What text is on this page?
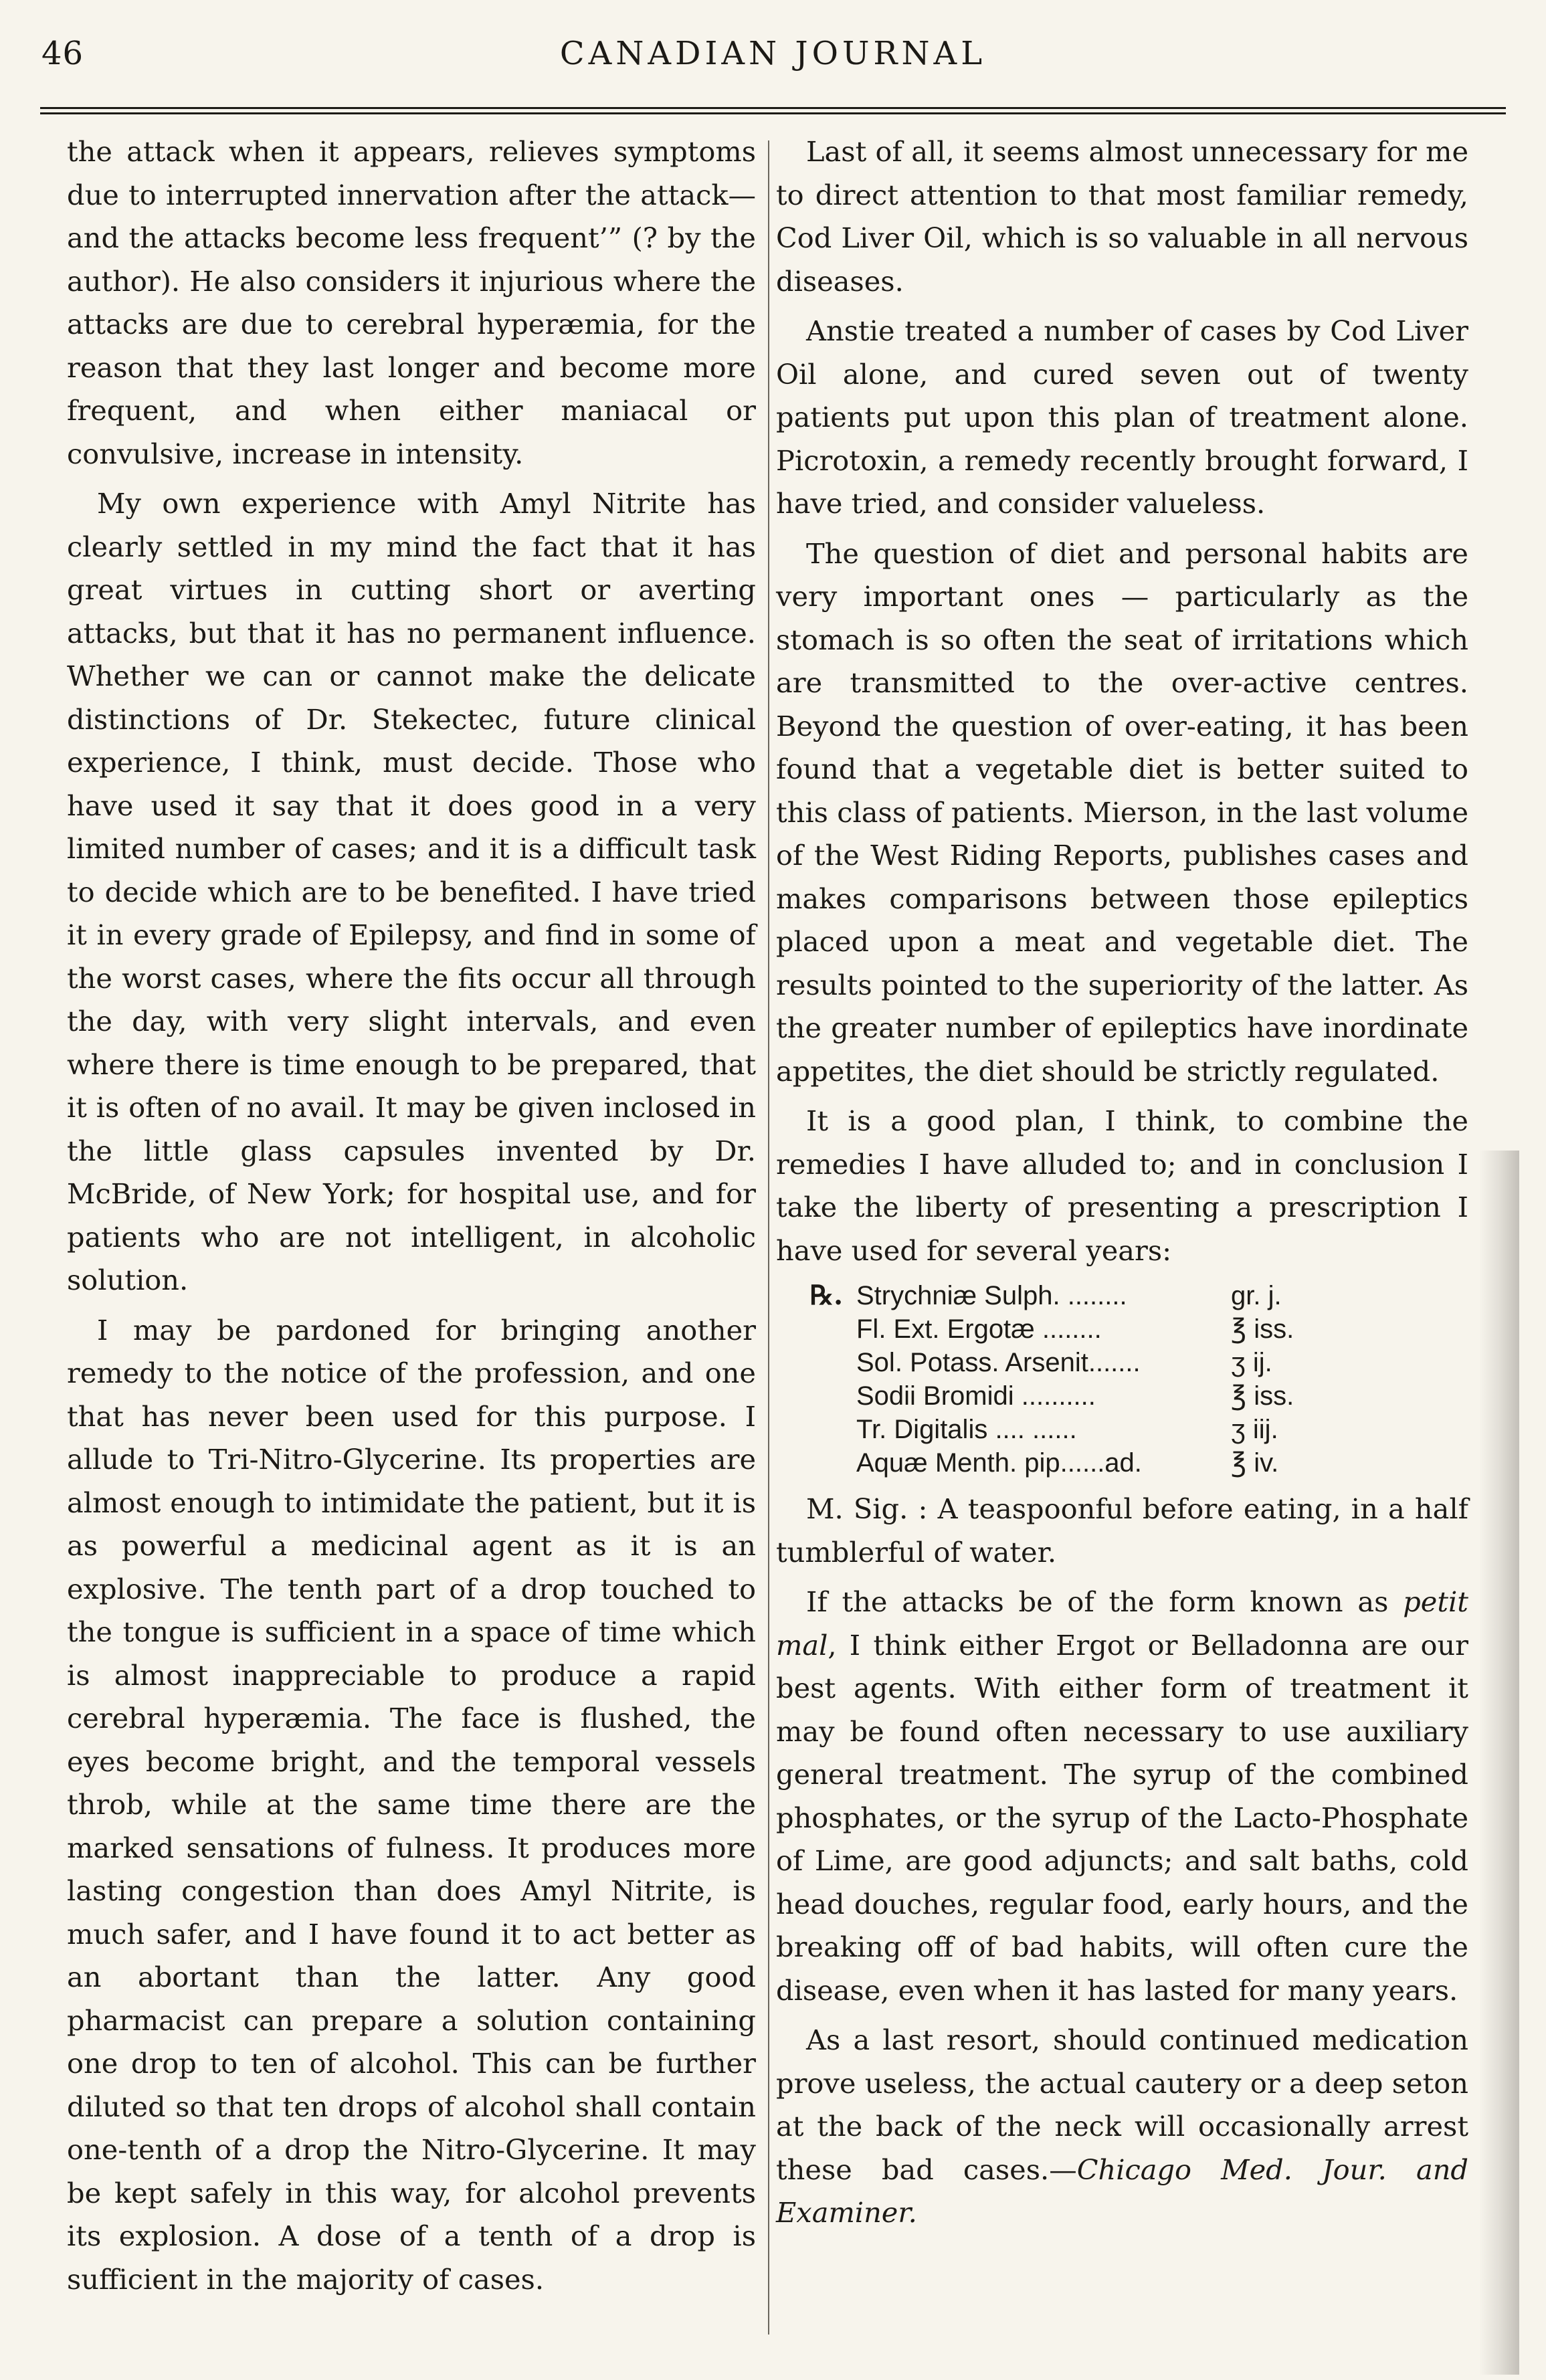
46	CANADIAN JOURNAL

the attack when it appears, relieves symptoms due to interrupted innervation after the attack—and the attacks become less frequent’” (? by the author). He also considers it injurious where the attacks are due to cerebral hyperæmia, for the reason that they last longer and become more frequent, and when either maniacal or convulsive, increase in intensity.

My own experience with Amyl Nitrite has clearly settled in my mind the fact that it has great virtues in cutting short or averting attacks, but that it has no permanent influence. Whether we can or cannot make the delicate distinctions of Dr. Stekectec, future clinical experience, I think, must decide. Those who have used it say that it does good in a very limited number of cases; and it is a difficult task to decide which are to be benefited. I have tried it in every grade of Epilepsy, and find in some of the worst cases, where the fits occur all through the day, with very slight intervals, and even where there is time enough to be prepared, that it is often of no avail. It may be given inclosed in the little glass capsules invented by Dr. McBride, of New York; for hospital use, and for patients who are not intelligent, in alcoholic solution.

I may be pardoned for bringing another remedy to the notice of the profession, and one that has never been used for this purpose. I allude to Tri-Nitro-Glycerine. Its properties are almost enough to intimidate the patient, but it is as powerful a medicinal agent as it is an explosive. The tenth part of a drop touched to the tongue is sufficient in a space of time which is almost inappreciable to produce a rapid cerebral hyperæmia. The face is flushed, the eyes become bright, and the temporal vessels throb, while at the same time there are the marked sensations of fulness. It produces more lasting congestion than does Amyl Nitrite, is much safer, and I have found it to act better as an abortant than the latter. Any good pharmacist can prepare a solution containing one drop to ten of alcohol. This can be further diluted so that ten drops of alcohol shall contain one-tenth of a drop the Nitro-Glycerine. It may be kept safely in this way, for alcohol prevents its explosion. A dose of a tenth of a drop is sufficient in the majority of cases.

Last of all, it seems almost unnecessary for me to direct attention to that most familiar remedy, Cod Liver Oil, which is so valuable in all nervous diseases.

Anstie treated a number of cases by Cod Liver Oil alone, and cured seven out of twenty patients put upon this plan of treatment alone. Picrotoxin, a remedy recently brought forward, I have tried, and consider valueless.

The question of diet and personal habits are very important ones — particularly as the stomach is so often the seat of irritations which are transmitted to the over-active centres. Beyond the question of over-eating, it has been found that a vegetable diet is better suited to this class of patients. Mierson, in the last volume of the West Riding Reports, publishes cases and makes comparisons between those epileptics placed upon a meat and vegetable diet. The results pointed to the superiority of the latter. As the greater number of epileptics have inordinate appetites, the diet should be strictly regulated.

It is a good plan, I think, to combine the remedies I have alluded to; and in conclusion I take the liberty of presenting a prescription I have used for several years:

℞. Strychniæ Sulph. ........	gr. j.
Fl. Ext. Ergotæ ........	℥ iss.
Sol. Potass. Arsenit.......	ʒ ij.
Sodii Bromidi ..........	℥ iss.
Tr. Digitalis .... ......	ʒ iij.
Aquæ Menth. pip......ad.	℥ iv.

M. Sig. : A teaspoonful before eating, in a half tumblerful of water.

If the attacks be of the form known as petit mal, I think either Ergot or Belladonna are our best agents. With either form of treatment it may be found often necessary to use auxiliary general treatment. The syrup of the combined phosphates, or the syrup of the Lacto-Phosphate of Lime, are good adjuncts; and salt baths, cold head douches, regular food, early hours, and the breaking off of bad habits, will often cure the disease, even when it has lasted for many years.

As a last resort, should continued medication prove useless, the actual cautery or a deep seton at the back of the neck will occasionally arrest these bad cases.—Chicago Med. Jour. and Examiner.
